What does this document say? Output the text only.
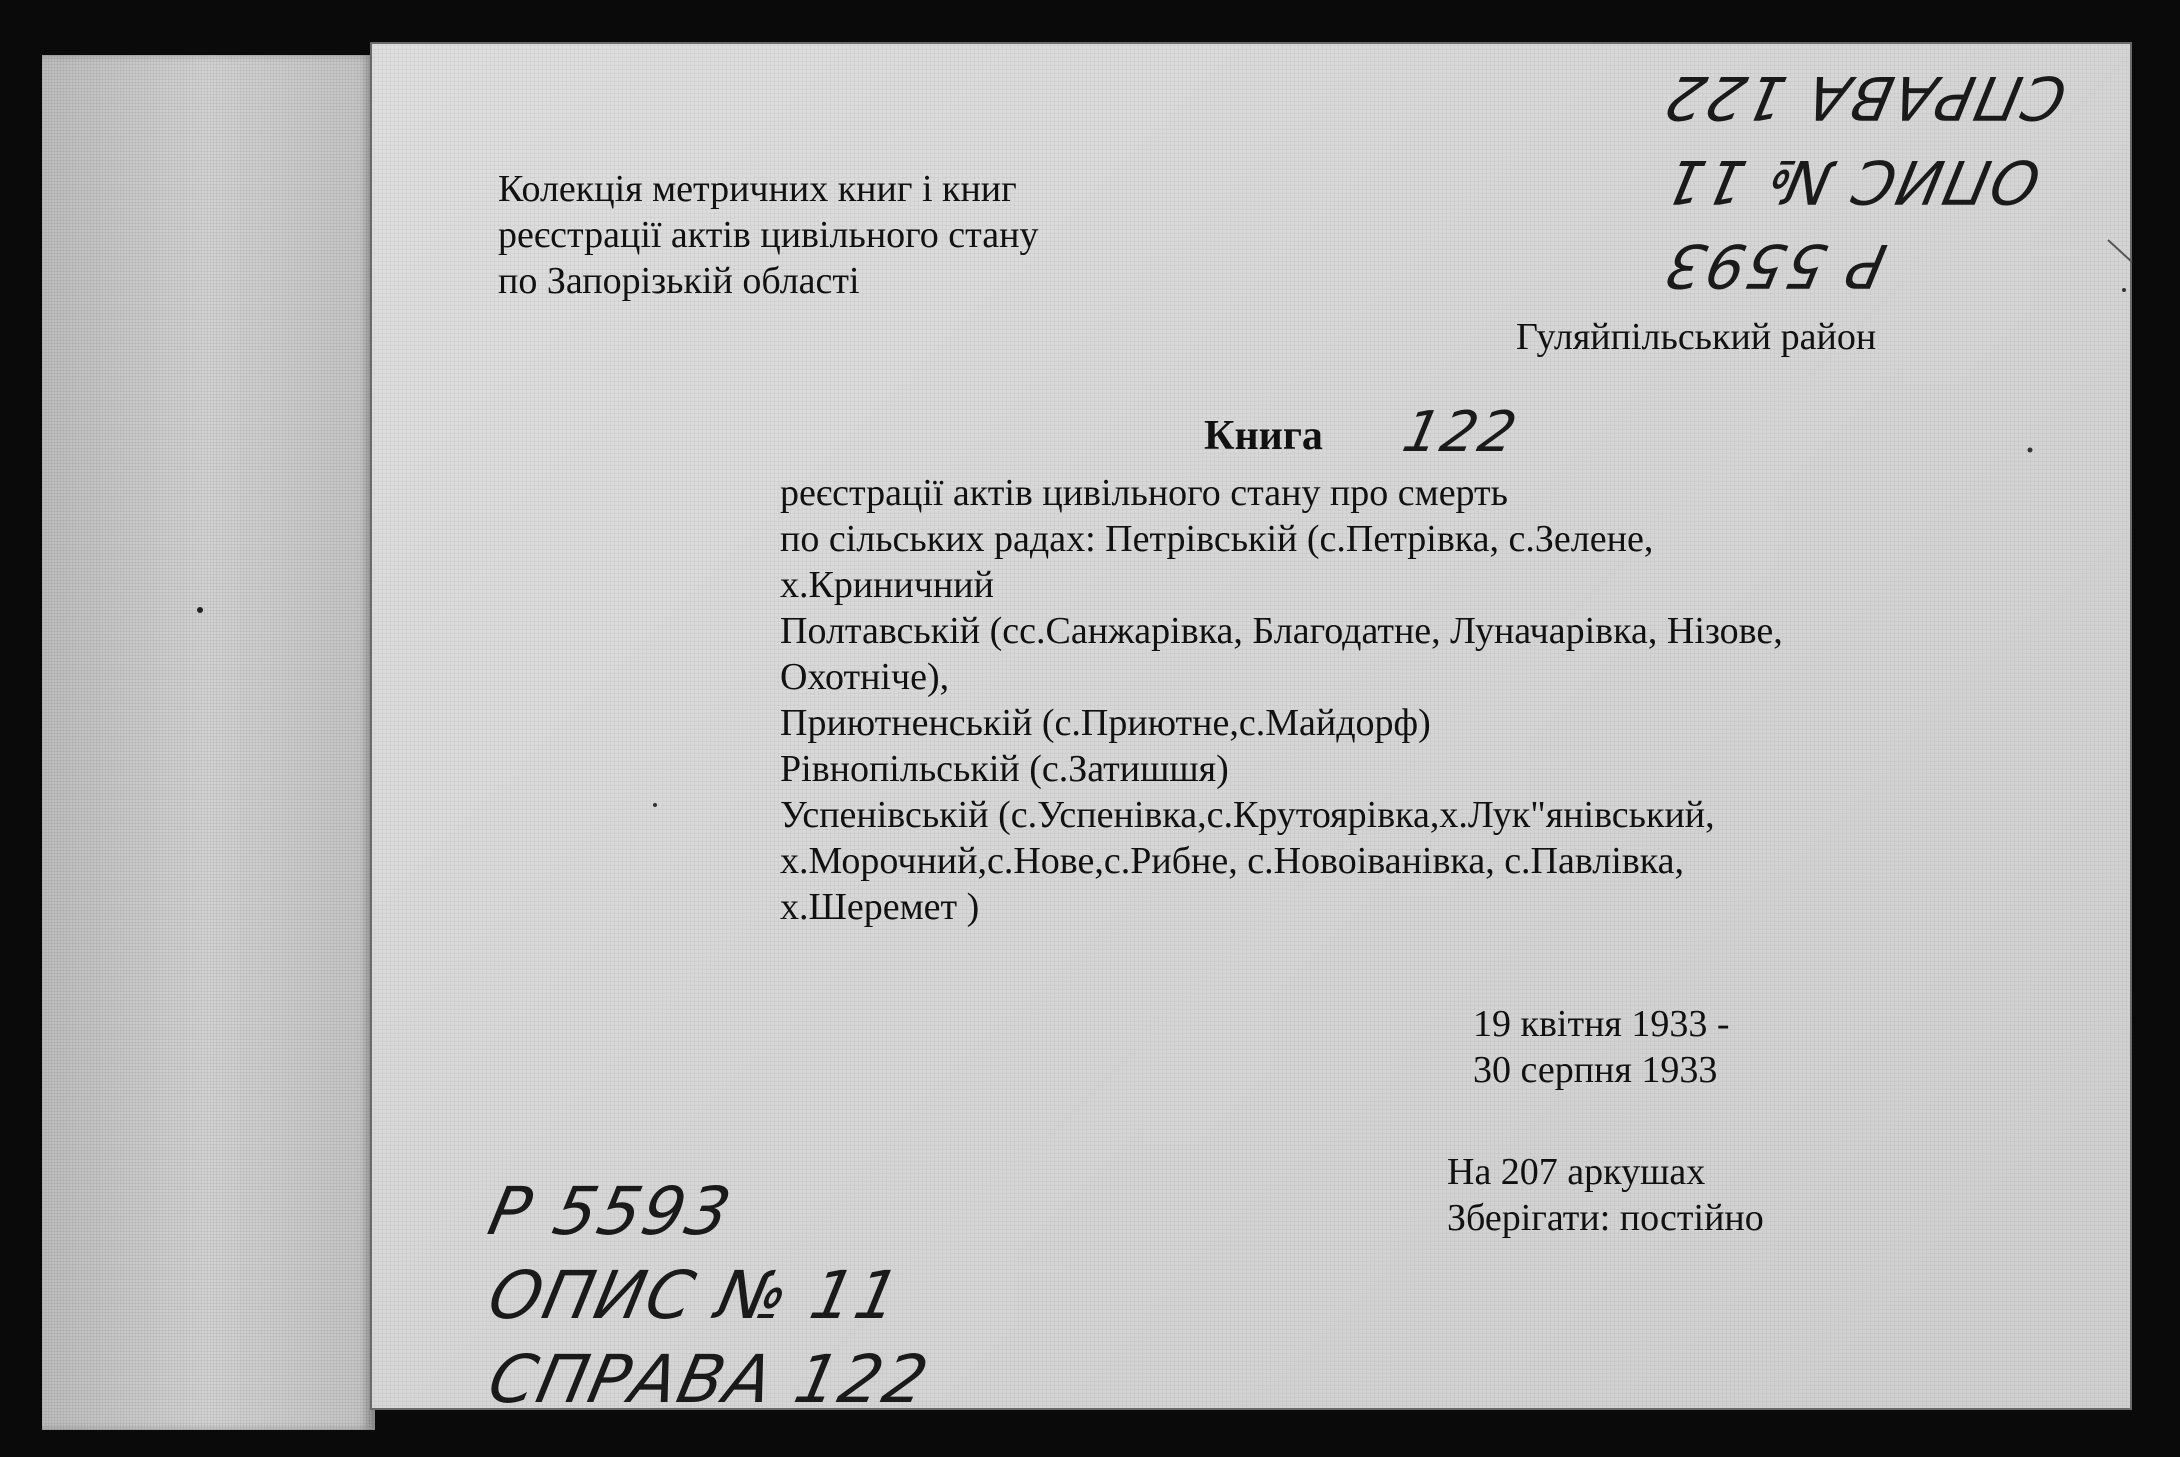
Колекція метричних книг і книг
реєстрації актів цивільного стану
по Запорізькій області

Гуляйпільський район

Книга 122

реєстрації актів цивільного стану про смерть
по сільських радах: Петрівській (с.Петрівка, с.Зелене,
х.Криничний
Полтавській (сс.Санжарівка, Благодатне, Луначарівка, Нізове,
Охотніче),
Приютненській (с.Приютне,с.Майдорф)
Рівнопільській (с.Затишшя)
Успенівській (с.Успенівка,с.Крутоярівка,х.Лук"янівський,
х.Морочний,с.Нове,с.Рибне, с.Новоіванівка, с.Павлівка,
х.Шеремет )
19 квітня 1933 -
30 серпня 1933
На 207 аркушах
Зберігати: постійно
Р 5593
ОПИС № 11
СПРАВА 122
Р 5593
ОПИС № 11
СПРАВА 122
